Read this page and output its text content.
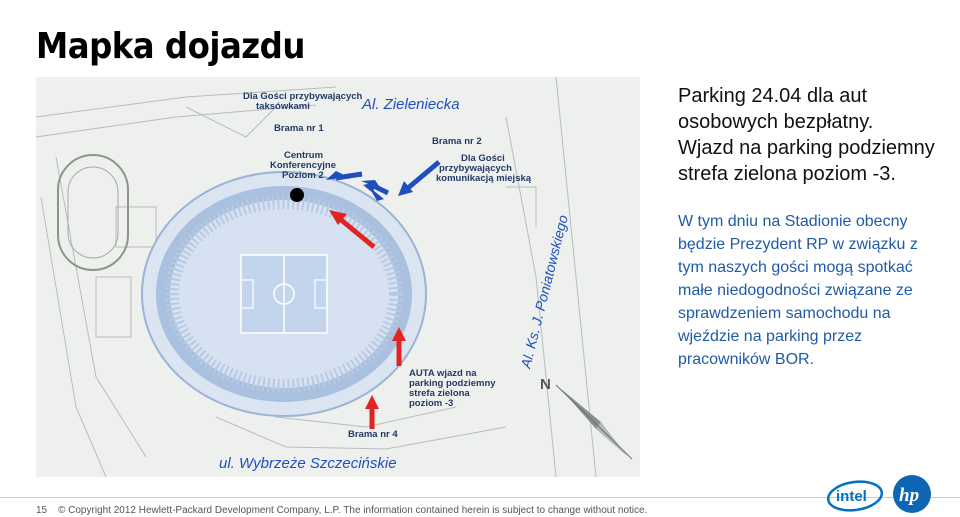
Mapka dojazdu
N
Al. Zieleniecka
Al. Ks. J. Poniatowskiego
ul. Wybrzeże Szczecińskie
Dla Gości przybywających
taksówkami
Brama nr 1
Centrum
Konferencyjne
Poziom 2
Brama nr 2
Dla Gości
przybywających
komunikacją miejską
AUTA wjazd na
parking podziemny
strefa zielona
poziom -3
Brama nr 4
Parking 24.04 dla aut
osobowych bezpłatny.
Wjazd na parking podziemny
strefa zielona poziom -3.
W tym dniu na Stadionie obecny
będzie Prezydent RP w związku z
tym naszych gości mogą spotkać
małe niedogodności związane ze
sprawdzeniem samochodu na
wjeździe na parking przez
pracowników BOR.
15 © Copyright 2012 Hewlett-Packard Development Company, L.P. The information contained herein is subject to change without notice.
intel hp
